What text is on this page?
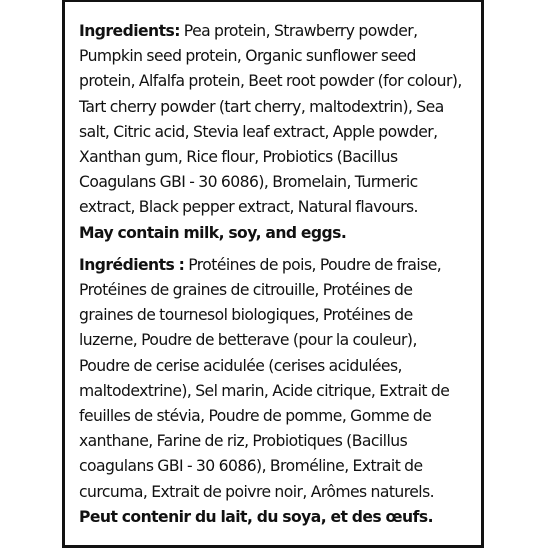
Ingredients: Pea protein, Strawberry powder, Pumpkin seed protein, Organic sunflower seed protein, Alfalfa protein, Beet root powder (for colour), Tart cherry powder (tart cherry, maltodextrin), Sea salt, Citric acid, Stevia leaf extract, Apple powder, Xanthan gum, Rice flour, Probiotics (Bacillus Coagulans GBI - 30 6086), Bromelain, Turmeric extract, Black pepper extract, Natural flavours.
May contain milk, soy, and eggs.

Ingrédients : Protéines de pois, Poudre de fraise, Protéines de graines de citrouille, Protéines de graines de tournesol biologiques, Protéines de luzerne, Poudre de betterave (pour la couleur), Poudre de cerise acidulée (cerises acidulées, maltodextrine), Sel marin, Acide citrique, Extrait de feuilles de stévia, Poudre de pomme, Gomme de xanthane, Farine de riz, Probiotiques (Bacillus coagulans GBI - 30 6086), Broméline, Extrait de curcuma, Extrait de poivre noir, Arômes naturels.
Peut contenir du lait, du soya, et des œufs.
